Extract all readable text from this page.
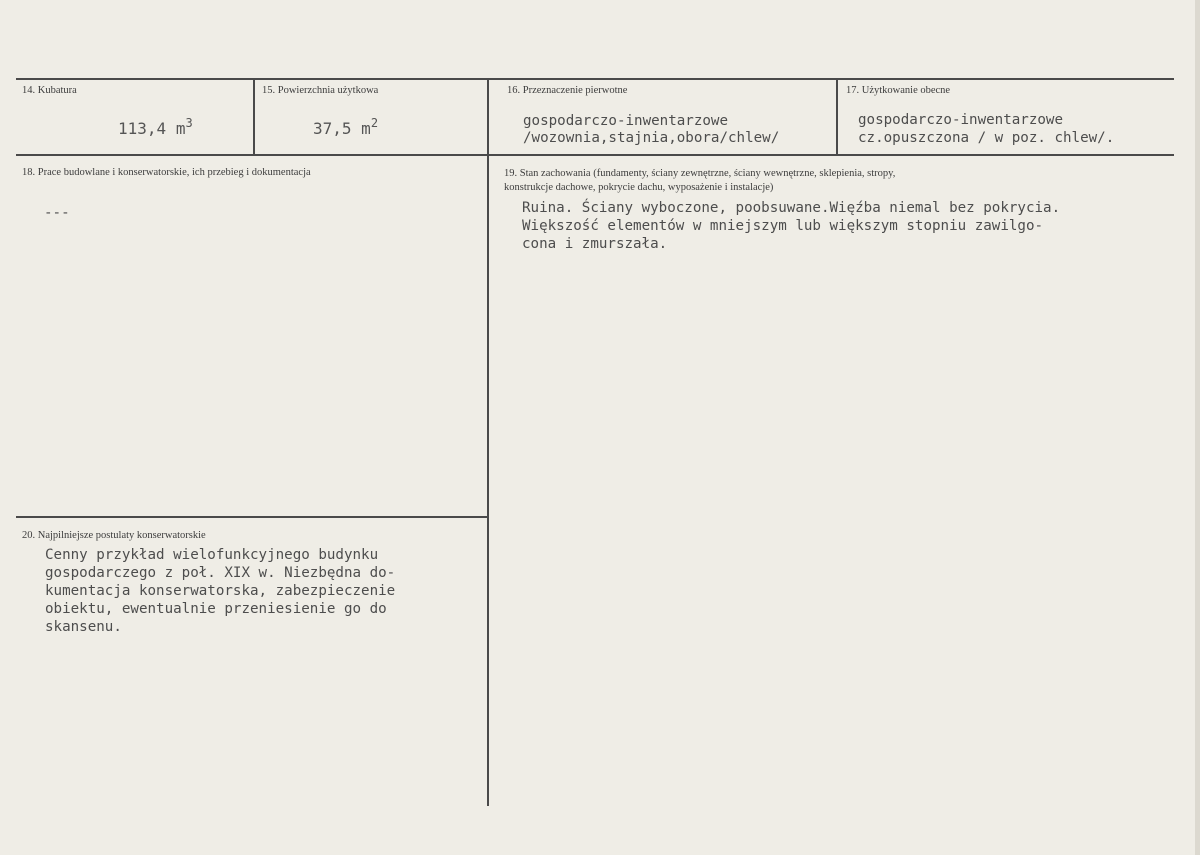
14. Kubatura
113,4 $m^3$
15. Powierzchnia użytkowa
37,5 $m^2$
16. Przeznaczenie pierwotne
gospodarczo-inwentarzowe
/wozownia,stajnia,obora/chlew/
17. Użytkowanie obecne
gospodarczo-inwentarzowe
cz.opuszczona / w poz. chlew/.
18. Prace budowlane i konserwatorskie, ich przebieg i dokumentacja
---
19. Stan zachowania (fundamenty, ściany zewnętrzne, ściany wewnętrzne, sklepienia, stropy,
konstrukcje dachowe, pokrycie dachu, wyposażenie i instalacje)
Ruina. Ściany wyboczone, poobsuwane.Więźba niemal bez pokrycia.
Większość elementów w mniejszym lub większym stopniu zawilgo-
cona i zmurszała.
20. Najpilniejsze postulaty konserwatorskie
Cenny przykład wielofunkcyjnego budynku
gospodarczego z poł. XIX w. Niezbędna do-
kumentacja konserwatorska, zabezpieczenie
obiektu, ewentualnie przeniesienie go do
skansenu.
